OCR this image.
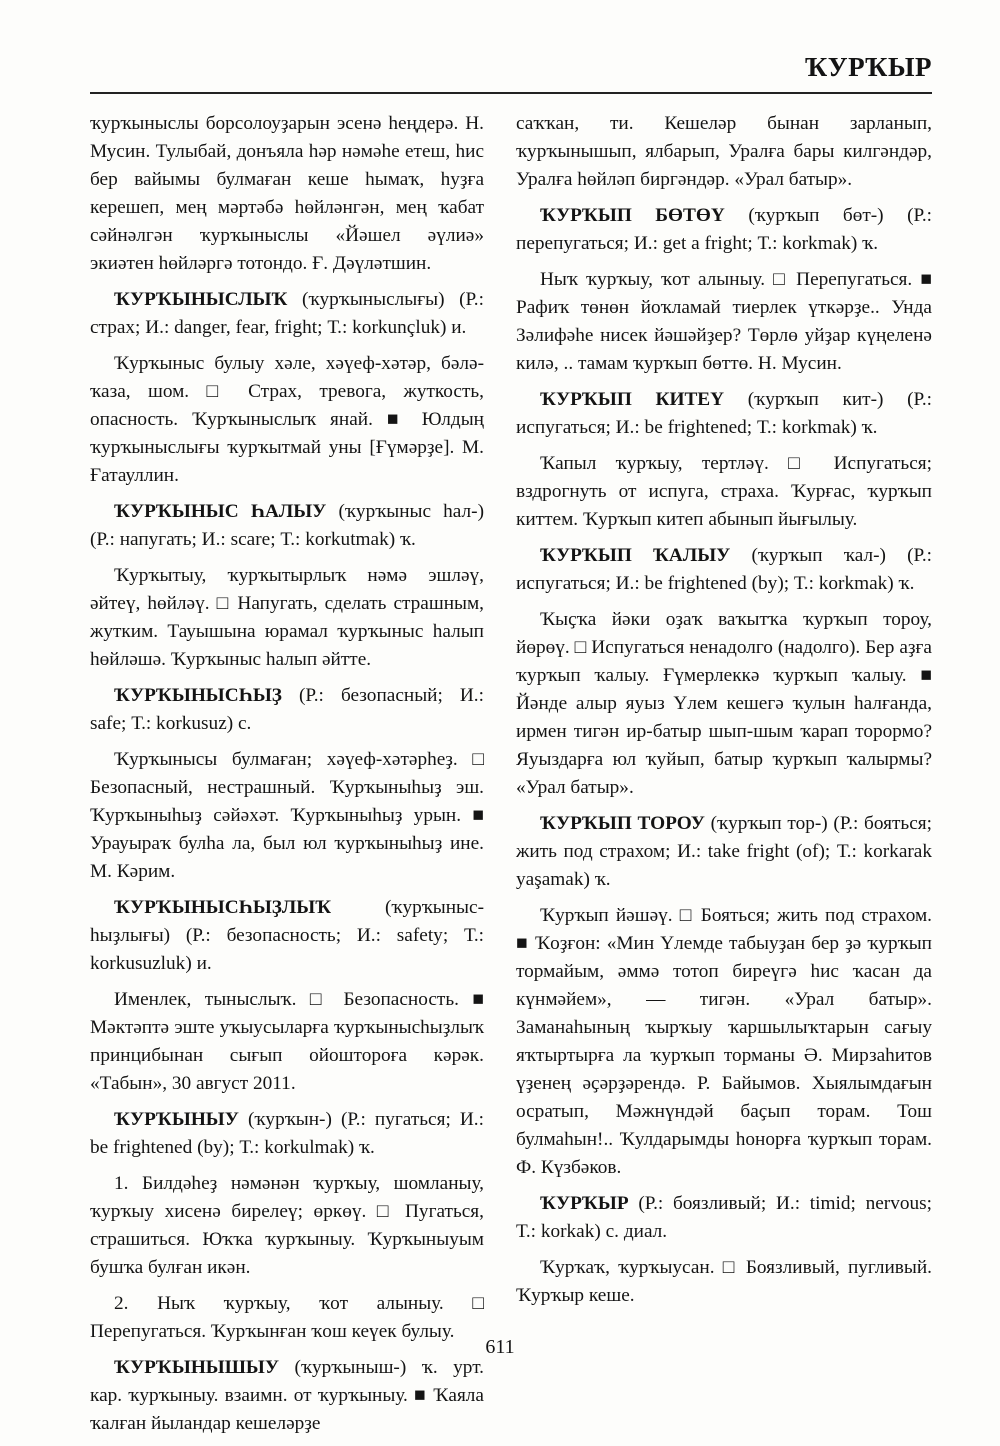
ҠУРҠЫР

ҡурҡыныслы борсолоуҙарын эсенә һеңдерә. Н. Мусин. Тулыбай, донъяла һәр нәмәһе етеш, һис бер вайымы булмаған кеше һымаҡ, һуҙға керешеп, мең мәртәбә һөйләнгән, мең ҡабат сәйнәлгән ҡурҡыныслы «Йәшел әүлиә» экиәтен һөйләргә тотондо. Ғ. Дәүләтшин.

ҠУРҠЫНЫСЛЫҠ (ҡурҡыныслығы) (Р.: страх; И.: danger, fear, fright; Т.: korkunçluk) и.

Ҡурҡыныс булыу хәле, хәүеф-хәтәр, бәлә-ҡаза, шом. □ Страх, тревога, жуткость, опасность. Ҡурҡыныслыҡ янай. ■ Юлдың ҡурҡыныслығы ҡурҡытмай уны [Ғүмәрҙе]. М. Ғатауллин.

ҠУРҠЫНЫС ҺАЛЫУ (ҡурҡыныс һал-) (Р.: напугать; И.: scare; Т.: korkutmak) ҡ.

Ҡурҡытыу, ҡурҡытырлыҡ нәмә эшләү, әйтеү, һөйләү. □ Напугать, сделать страшным, жутким. Тауышына юрамал ҡурҡыныс һалып һөйләшә. Ҡурҡыныс һалып әйтте.

ҠУРҠЫНЫСҺЫҘ (Р.: безопасный; И.: safe; Т.: korkusuz) с.

Ҡурҡынысы булмаған; хәүеф-хәтәрһеҙ. □ Безопасный, нестрашный. Ҡурҡыныһыҙ эш. Ҡурҡыныһыҙ сәйәхәт. Ҡурҡыныһыҙ урын. ■ Урауыраҡ булһа ла, был юл ҡурҡыныһыҙ ине. М. Кәрим.

ҠУРҠЫНЫСҺЫҘЛЫҠ (ҡурҡыныс-һыҙлығы) (Р.: безопасность; И.: safety; Т.: korkusuzluk) и.

Именлек, тыныслыҡ. □ Безопасность. ■ Мәктәптә эште уҡыусыларға ҡурҡынысһыҙлыҡ принцибынан сығып ойоштороға кәрәк. «Табын», 30 август 2011.

ҠУРҠЫНЫУ (ҡурҡын-) (Р.: пугаться; И.: be frightened (by); Т.: korkulmak) ҡ.

1. Билдәһеҙ нәмәнән ҡурҡыу, шомланыу, ҡурҡыу хисенә бирелеү; өркөү. □ Пугаться, страшиться. Юҡҡа ҡурҡыныу. Ҡурҡыныуым бушҡа булған икән.

2. Ныҡ ҡурҡыу, ҡот алыныу. □ Перепугаться. Ҡурҡынған ҡош кеүек булыу.

ҠУРҠЫНЫШЫУ (ҡурҡыныш-) ҡ. урт. кар. ҡурҡыныу. взаимн. от ҡурҡыныу. ■ Ҡаяла ҡалған йыландар кешеләрҙе

саҡҡан, ти. Кешеләр бынан зарланып, ҡурҡынышып, ялбарып, Уралға бары килгәндәр, Уралға һөйләп биргәндәр. «Урал батыр».

ҠУРҠЫП БӨТӨҮ (ҡурҡып бөт-) (Р.: перепугаться; И.: get a fright; Т.: korkmak) ҡ.

Ныҡ ҡурҡыу, ҡот алыныу. □ Перепугаться. ■ Рафиҡ төнөн йоҡламай тиерлек үткәрҙе.. Унда Зәлифәһе нисек йәшәйҙер? Төрлө уйҙар күңеленә килә, .. тамам ҡурҡып бөттө. Н. Мусин.

ҠУРҠЫП КИТЕҮ (ҡурҡып кит-) (Р.: испугаться; И.: be frightened; Т.: korkmak) ҡ.

Ҡапыл ҡурҡыу, тертләү. □ Испугаться; вздрогнуть от испуга, страха. Ҡурғас, ҡурҡып киттем. Ҡурҡып китеп абынып йығылыу.

ҠУРҠЫП ҠАЛЫУ (ҡурҡып ҡал-) (Р.: испугаться; И.: be frightened (by); Т.: korkmak) ҡ.

Ҡыҫҡа йәки оҙаҡ ваҡытҡа ҡурҡып тороу, йөрөү. □ Испугаться ненадолго (надолго). Бер аҙға ҡурҡып ҡалыу. Ғүмерлеккә ҡурҡып ҡалыу. ■ Йәнде алыр яуыз Үлем кешегә ҡулын һалғанда, ирмен тигән ир-батыр шып-шым ҡарап торормо? Яуыздарға юл ҡуйып, батыр ҡурҡып ҡалырмы? «Урал батыр».

ҠУРҠЫП ТОРОУ (ҡурҡып тор-) (Р.: бояться; жить под страхом; И.: take fright (of); Т.: korkarak yaşamak) ҡ.

Ҡурҡып йәшәү. □ Бояться; жить под страхом. ■ Ҡоҙғон: «Мин Үлемде табыуҙан бер ҙә ҡурҡып тормайым, әммә тотоп биреүгә һис ҡасан да күнмәйем», — тигән. «Урал батыр». Заманаһының ҡырҡыу ҡаршылыҡтарын сағыу яҡтыртырға ла ҡурҡып торманы Ә. Мирзаһитов үҙенең әҫәрҙәрендә. Р. Байымов. Хыялымдағын осратып, Мәжнүндәй баҫып торам. Тош булмаһын!.. Ҡулдарымды һонорға ҡурҡып торам. Ф. Күзбәков.

ҠУРҠЫР (Р.: боязливый; И.: timid; nervous; Т.: korkak) с. диал.

Ҡурҡаҡ, ҡурҡыусан. □ Боязливый, пугливый. Ҡурҡыр кеше.

611
